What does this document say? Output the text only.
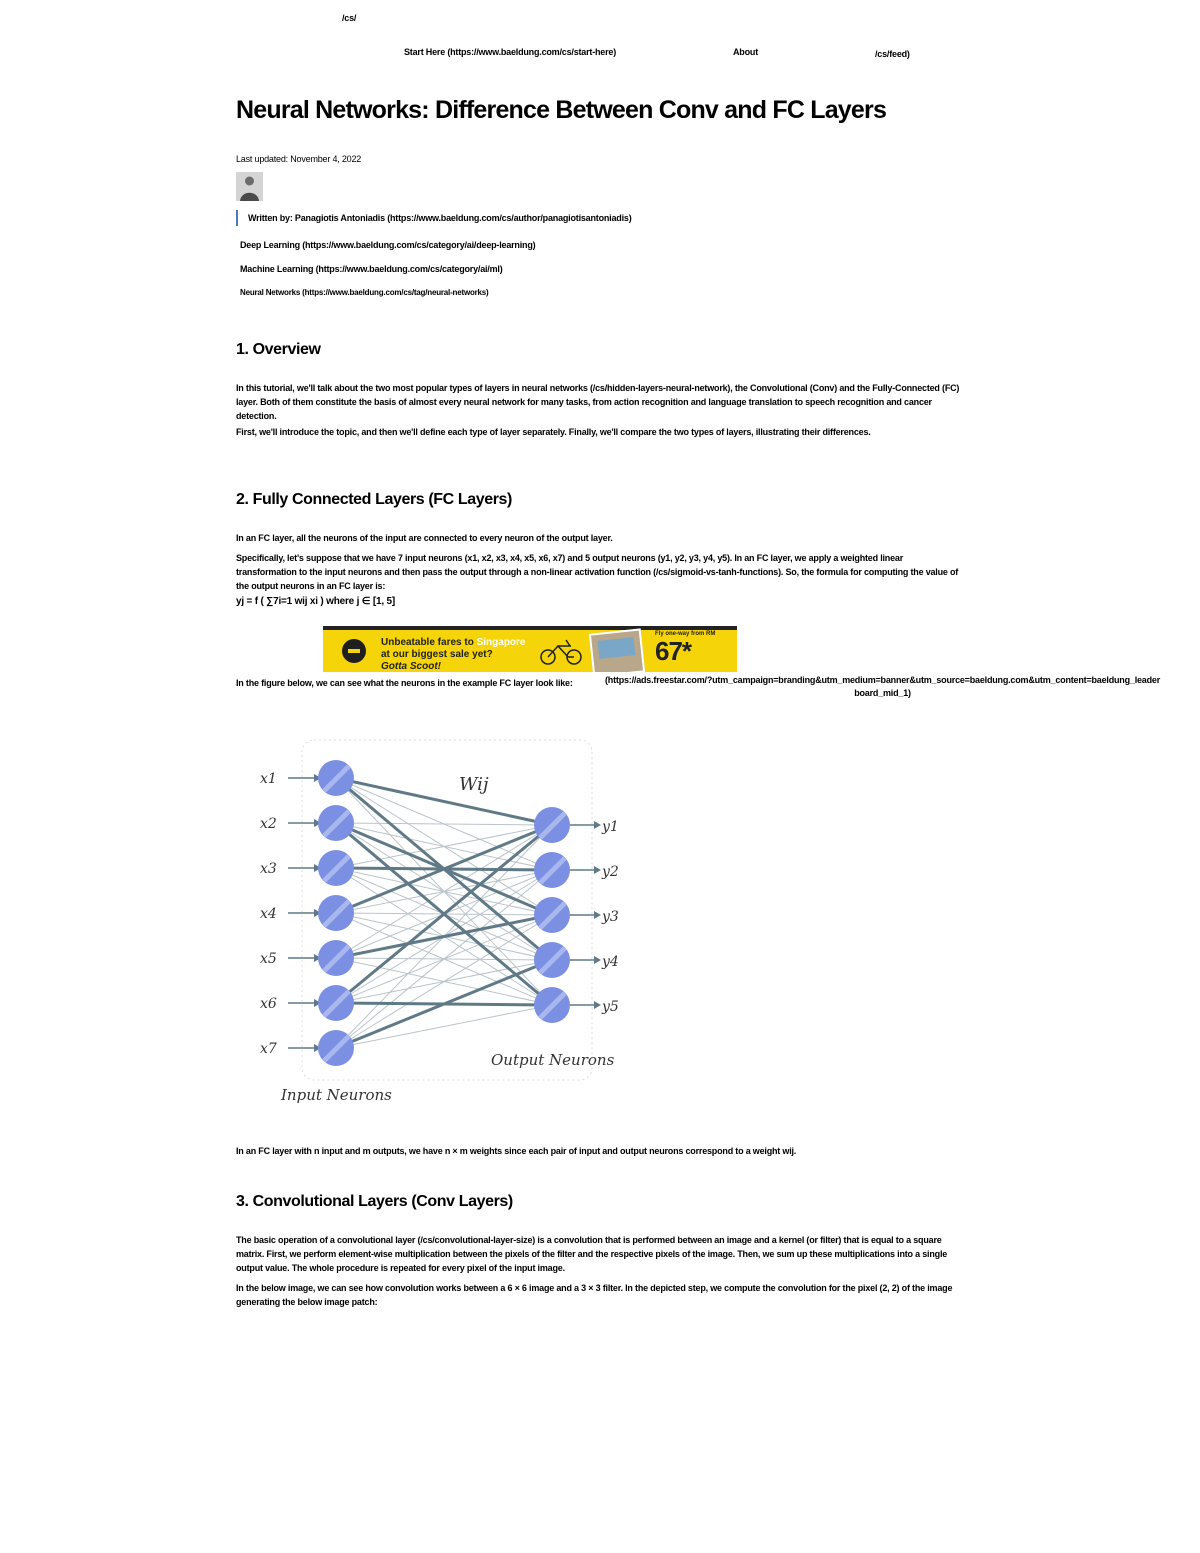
/cs/
Start Here (https://www.baeldung.com/cs/start-here)	About	/cs/feed)
Neural Networks: Difference Between Conv and FC Layers
Last updated: November 4, 2022
Written by: Panagiotis Antoniadis (https://www.baeldung.com/cs/author/panagiotisantoniadis)
Deep Learning (https://www.baeldung.com/cs/category/ai/deep-learning)
Machine Learning (https://www.baeldung.com/cs/category/ai/ml)
Neural Networks (https://www.baeldung.com/cs/tag/neural-networks)
1. Overview

In this tutorial, we'll talk about the two most popular types of layers in neural networks (/cs/hidden-layers-neural-network), the Convolutional (Conv) and the Fully-Connected (FC) layer. Both of them constitute the basis of almost every neural network for many tasks, from action recognition and language translation to speech recognition and cancer detection.

First, we'll introduce the topic, and then we'll define each type of layer separately. Finally, we'll compare the two types of layers, illustrating their differences.

2. Fully Connected Layers (FC Layers)

In an FC layer, all the neurons of the input are connected to every neuron of the output layer.

Specifically, let's suppose that we have 7 input neurons (x1, x2, x3, x4, x5, x6, x7) and 5 output neurons (y1, y2, y3, y4, y5). In an FC layer, we apply a weighted linear transformation to the input neurons and then pass the output through a non-linear activation function (/cs/sigmoid-vs-tanh-functions). So, the formula for computing the value of the output neurons in an FC layer is:

yj = f ( ∑7i=1 wij xi ) where j ∈ [1, 5]

Unbeatable fares to Singapore
at our biggest sale yet?
Gotta Scoot!
Fly one-way from RM
67*
In the figure below, we can see what the neurons in the example FC layer look like:	(https://ads.freestar.com/?utm_campaign=branding&utm_medium=banner&utm_source=baeldung.com&utm_content=baeldung_leaderboard_mid_1)
x1
x2
x3
x4
x5
x6
x7
y1
y2
y3
y4
y5
Wij
Input Neurons
Output Neurons
In an FC layer with n input and m outputs, we have n × m weights since each pair of input and output neurons correspond to a weight wij.
3. Convolutional Layers (Conv Layers)

The basic operation of a convolutional layer (/cs/convolutional-layer-size) is a convolution that is performed between an image and a kernel (or filter) that is equal to a square matrix. First, we perform element-wise multiplication between the pixels of the filter and the respective pixels of the image. Then, we sum up these multiplications into a single output value. The whole procedure is repeated for every pixel of the input image.

In the below image, we can see how convolution works between a 6 × 6 image and a 3 × 3 filter. In the depicted step, we compute the convolution for the pixel (2, 2) of the image generating the below image patch:
